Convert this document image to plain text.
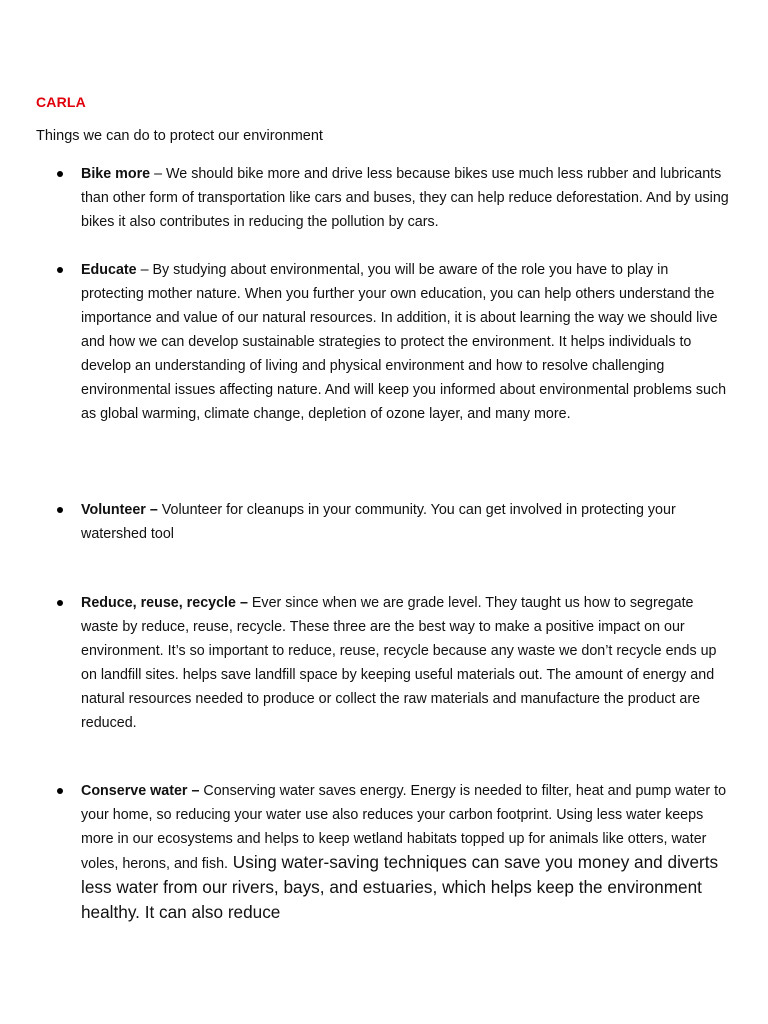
CARLA
Things we can do to protect our environment
Bike more – We should bike more and drive less because bikes use much less rubber and lubricants than other form of transportation like cars and buses, they can help reduce deforestation. And by using bikes it also contributes in reducing the pollution by cars.
Educate – By studying about environmental, you will be aware of the role you have to play in protecting mother nature. When you further your own education, you can help others understand the importance and value of our natural resources. In addition, it is about learning the way we should live and how we can develop sustainable strategies to protect the environment. It helps individuals to develop an understanding of living and physical environment and how to resolve challenging environmental issues affecting nature. And will keep you informed about environmental problems such as global warming, climate change, depletion of ozone layer, and many more.
Volunteer – Volunteer for cleanups in your community. You can get involved in protecting your watershed tool
Reduce, reuse, recycle – Ever since when we are grade level. They taught us how to segregate waste by reduce, reuse, recycle. These three are the best way to make a positive impact on our environment. It’s so important to reduce, reuse, recycle because any waste we don’t recycle ends up on landfill sites. helps save landfill space by keeping useful materials out. The amount of energy and natural resources needed to produce or collect the raw materials and manufacture the product are reduced.
Conserve water – Conserving water saves energy. Energy is needed to filter, heat and pump water to your home, so reducing your water use also reduces your carbon footprint. Using less water keeps more in our ecosystems and helps to keep wetland habitats topped up for animals like otters, water voles, herons, and fish. Using water-saving techniques can save you money and diverts less water from our rivers, bays, and estuaries, which helps keep the environment healthy. It can also reduce
